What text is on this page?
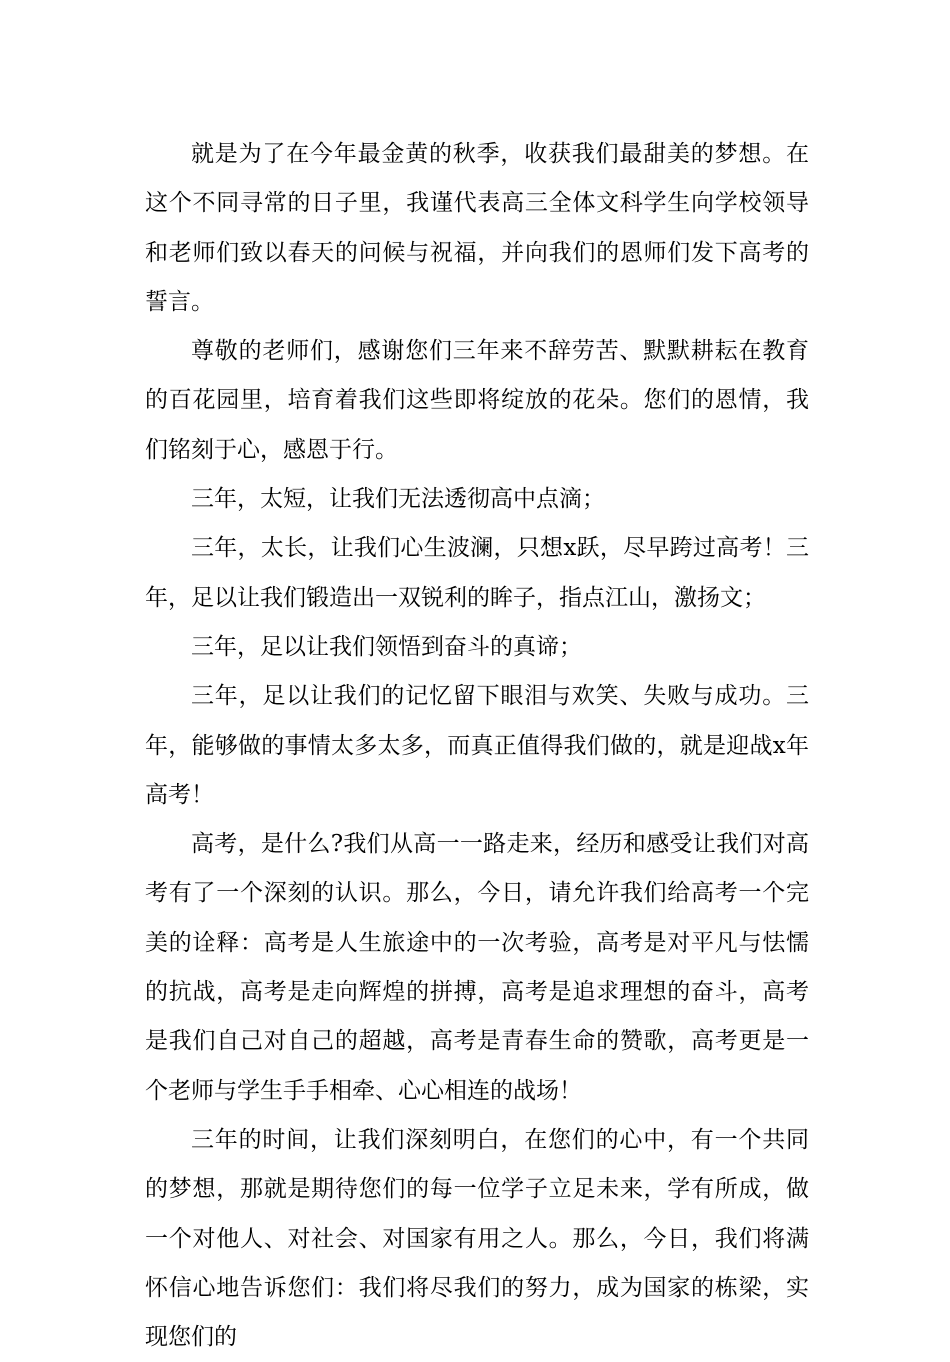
就是为了在今年最金黄的秋季，收获我们最甜美的梦想。在这个不同寻常的日子里，我谨代表高三全体文科学生向学校领导和老师们致以春天的问候与祝福，并向我们的恩师们发下高考的誓言。

尊敬的老师们，感谢您们三年来不辞劳苦、默默耕耘在教育的百花园里，培育着我们这些即将绽放的花朵。您们的恩情，我们铭刻于心，感恩于行。

三年，太短，让我们无法透彻高中点滴；

三年，太长，让我们心生波澜，只想x跃，尽早跨过高考！三年，足以让我们锻造出一双锐利的眸子，指点江山，激扬文；

三年，足以让我们领悟到奋斗的真谛；

三年，足以让我们的记忆留下眼泪与欢笑、失败与成功。三年，能够做的事情太多太多，而真正值得我们做的，就是迎战x年高考！

高考，是什么?我们从高一一路走来，经历和感受让我们对高考有了一个深刻的认识。那么，今日，请允许我们给高考一个完美的诠释：高考是人生旅途中的一次考验，高考是对平凡与怯懦的抗战，高考是走向辉煌的拼搏，高考是追求理想的奋斗，高考是我们自己对自己的超越，高考是青春生命的赞歌，高考更是一个老师与学生手手相牵、心心相连的战场！

三年的时间，让我们深刻明白，在您们的心中，有一个共同的梦想，那就是期待您们的每一位学子立足未来，学有所成，做一个对他人、对社会、对国家有用之人。那么，今日，我们将满怀信心地告诉您们：我们将尽我们的努力，成为国家的栋梁，实现您们的
